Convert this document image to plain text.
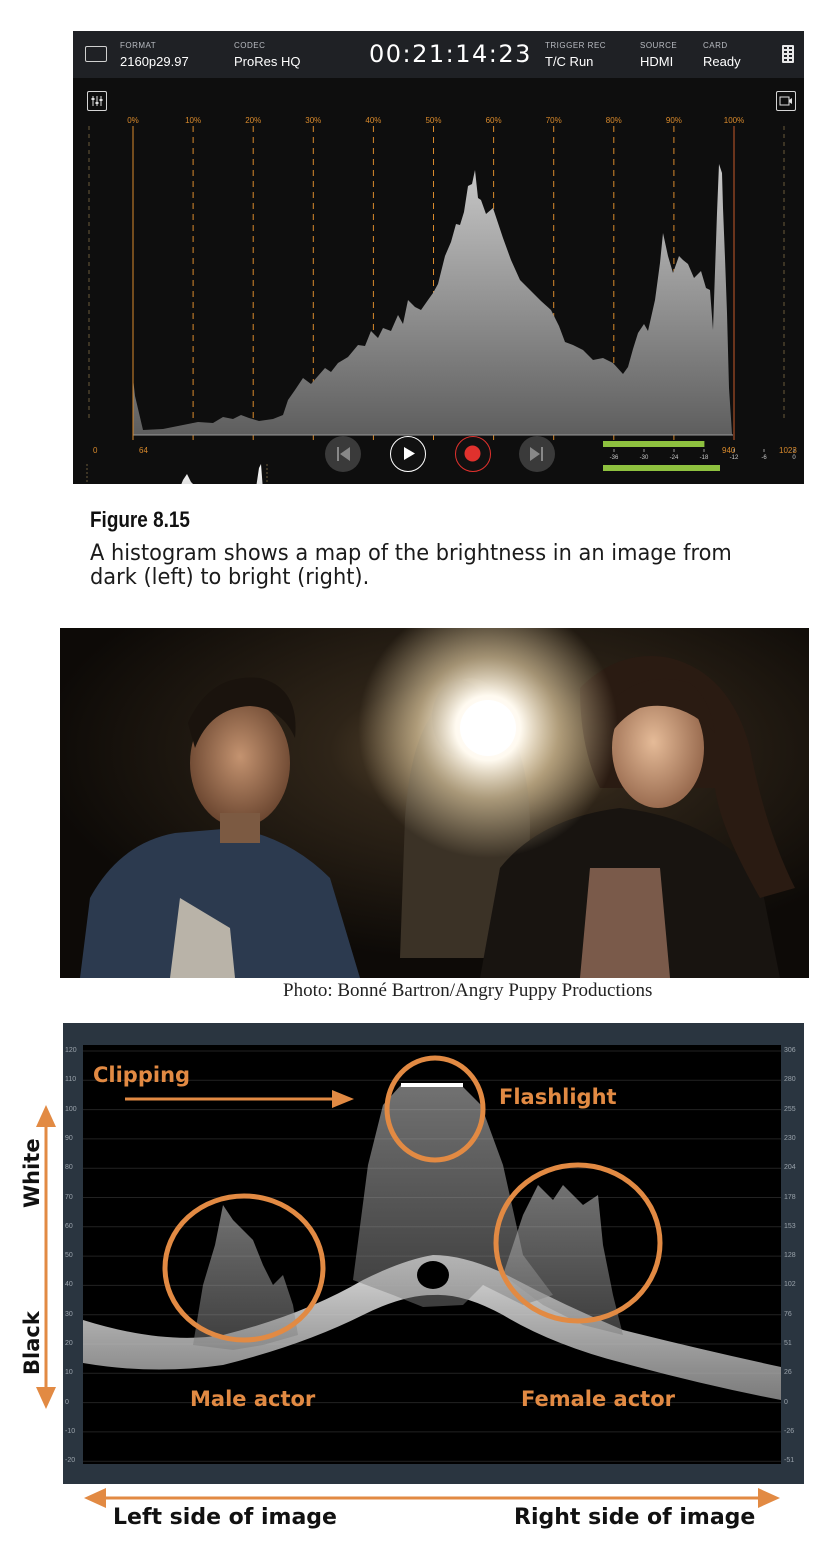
FORMAT
2160p29.97
CODEC
ProRes HQ	00:21:14:23 TRIGGER REC
T/C Run
SOURCE
HDMI
CARD
Ready
0%	10%	20%	30%	40%	50%	60%	70%	80%	90%	100%
0	64	940	1023
-36	-30	-24	-18	-12	-6	0
Figure 8.15
A histogram shows a map of the brightness in an image from dark (left) to bright (right).
Photo: Bonné Bartron/Angry Puppy Productions
120
110
100
90
80
70
60
50
40
30
20
10
0
-10
-20
306
280
255
230
204
178
153
128
102
76
51
26
0
-26
-51
Clipping
Flashlight
Male actor	Female actor
White
Black
Left side of image	Right side of image
